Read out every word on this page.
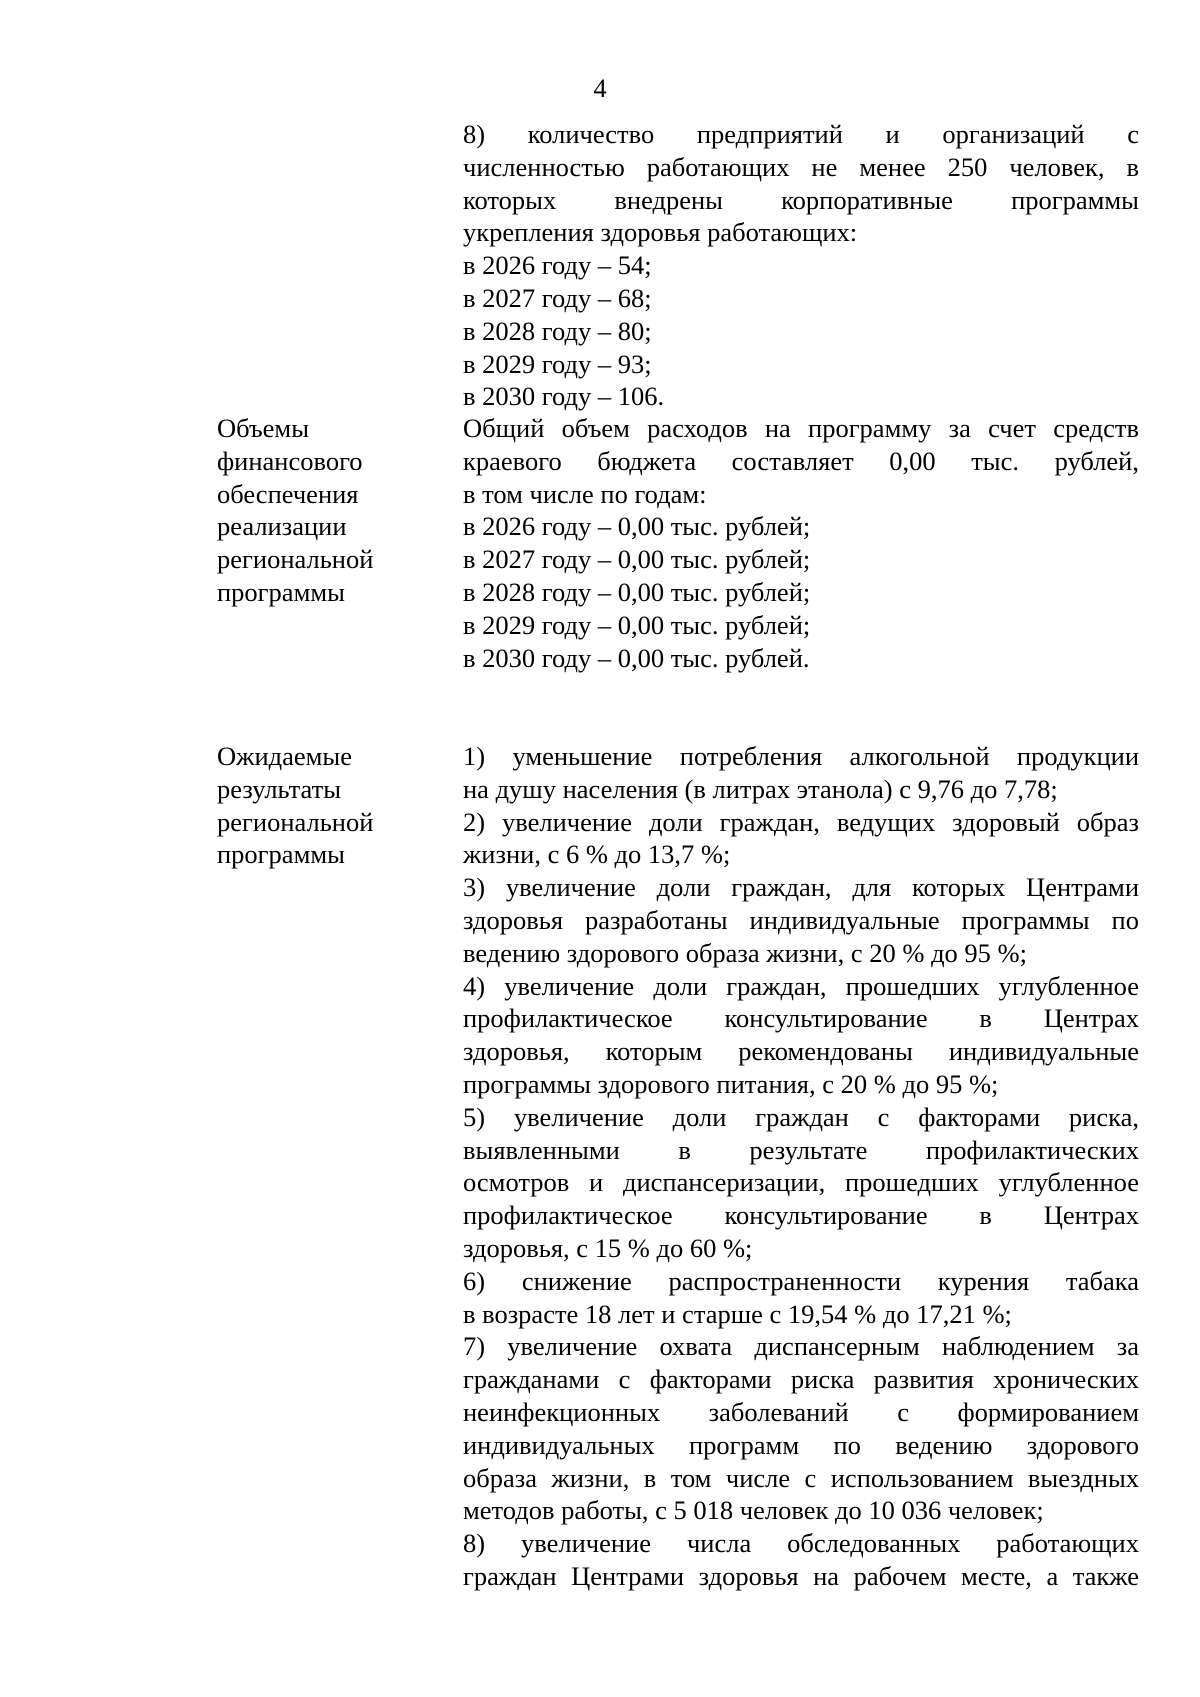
4
8) количество предприятий и организаций с
численностью работающих не менее 250 человек, в
которых внедрены корпоративные программы
укрепления здоровья работающих:
в 2026 году – 54;
в 2027 году – 68;
в 2028 году – 80;
в 2029 году – 93;
в 2030 году – 106.
Объемы
финансового
обеспечения
реализации
региональной
программы
Общий объем расходов на программу за счет средств
краевого бюджета составляет 0,00 тыс. рублей,
в том числе по годам:
в 2026 году – 0,00 тыс. рублей;
в 2027 году – 0,00 тыс. рублей;
в 2028 году – 0,00 тыс. рублей;
в 2029 году – 0,00 тыс. рублей;
в 2030 году – 0,00 тыс. рублей.
Ожидаемые
результаты
региональной
программы
1) уменьшение потребления алкогольной продукции
на душу населения (в литрах этанола) с 9,76 до 7,78;
2) увеличение доли граждан, ведущих здоровый образ
жизни, с 6 % до 13,7 %;
3) увеличение доли граждан, для которых Центрами
здоровья разработаны индивидуальные программы по
ведению здорового образа жизни, с 20 % до 95 %;
4) увеличение доли граждан, прошедших углубленное
профилактическое консультирование в Центрах
здоровья, которым рекомендованы индивидуальные
программы здорового питания, с 20 % до 95 %;
5) увеличение доли граждан с факторами риска,
выявленными в результате профилактических
осмотров и диспансеризации, прошедших углубленное
профилактическое консультирование в Центрах
здоровья, с 15 % до 60 %;
6) снижение распространенности курения табака
в возрасте 18 лет и старше с 19,54 % до 17,21 %;
7) увеличение охвата диспансерным наблюдением за
гражданами с факторами риска развития хронических
неинфекционных заболеваний с формированием
индивидуальных программ по ведению здорового
образа жизни, в том числе с использованием выездных
методов работы, с 5 018 человек до 10 036 человек;
8) увеличение числа обследованных работающих
граждан Центрами здоровья на рабочем месте, а также
